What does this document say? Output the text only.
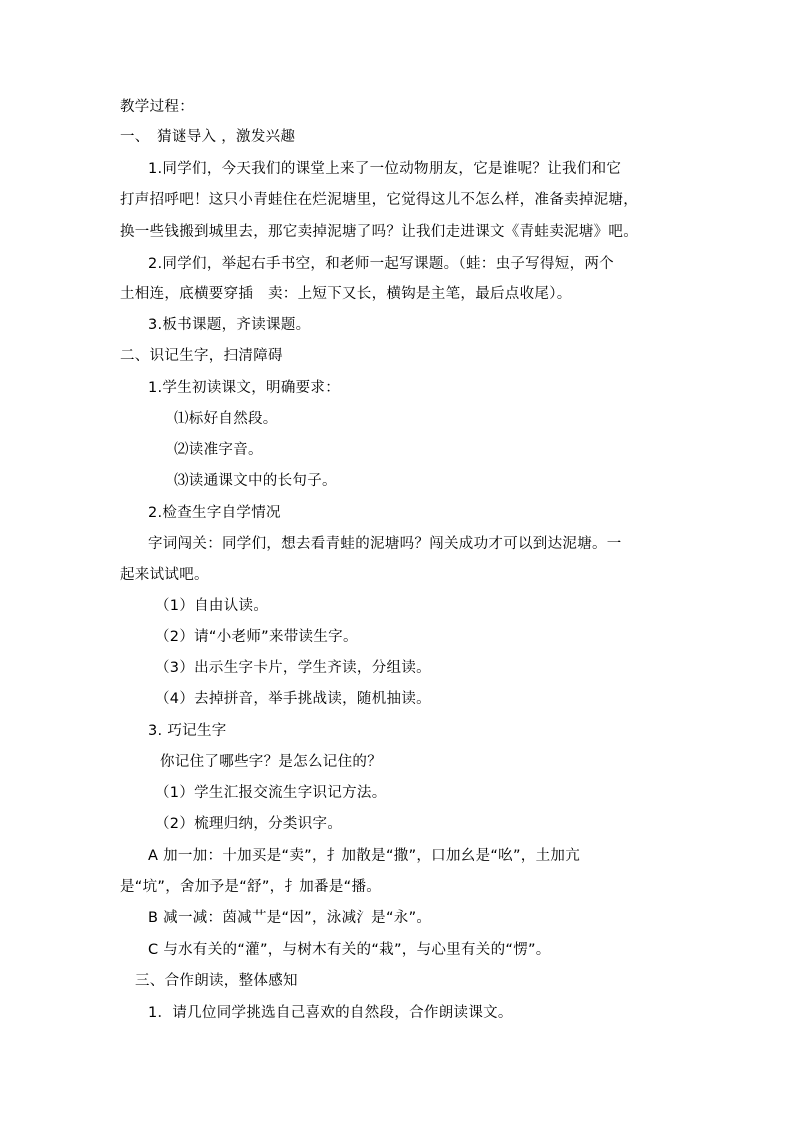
教学过程：
一、　猜谜导入 ，激发兴趣
1.同学们，今天我们的课堂上来了一位动物朋友，它是谁呢？让我们和它
打声招呼吧！这只小青蛙住在烂泥塘里，它觉得这儿不怎么样，准备卖掉泥塘，
换一些钱搬到城里去，那它卖掉泥塘了吗？让我们走进课文《青蛙卖泥塘》吧。
2.同学们，举起右手书空，和老师一起写课题。（蛙：虫子写得短，两个
土相连，底横要穿插　卖：上短下又长，横钩是主笔，最后点收尾）。
3.板书课题，齐读课题。
二、识记生字，扫清障碍
1.学生初读课文，明确要求：
⑴标好自然段。
⑵读准字音。
⑶读通课文中的长句子。
2.检查生字自学情况
字词闯关：同学们，想去看青蛙的泥塘吗？闯关成功才可以到达泥塘。一
起来试试吧。
（1）自由认读。
（2）请“小老师”来带读生字。
（3）出示生字卡片，学生齐读，分组读。
（4）去掉拼音，举手挑战读，随机抽读。
3. 巧记生字
你记住了哪些字？是怎么记住的？
（1）学生汇报交流生字识记方法。
（2）梳理归纳，分类识字。
A 加一加：十加买是“卖”，扌加散是“撒”，口加幺是“吆”，土加亢
是“坑”，舍加予是“舒”，扌加番是“播。
B 减一减：茵减艹是“因”，泳减氵是“永”。
C 与水有关的“灌”，与树木有关的“栽”，与心里有关的“愣”。
三、合作朗读，整体感知
1．请几位同学挑选自己喜欢的自然段，合作朗读课文。
